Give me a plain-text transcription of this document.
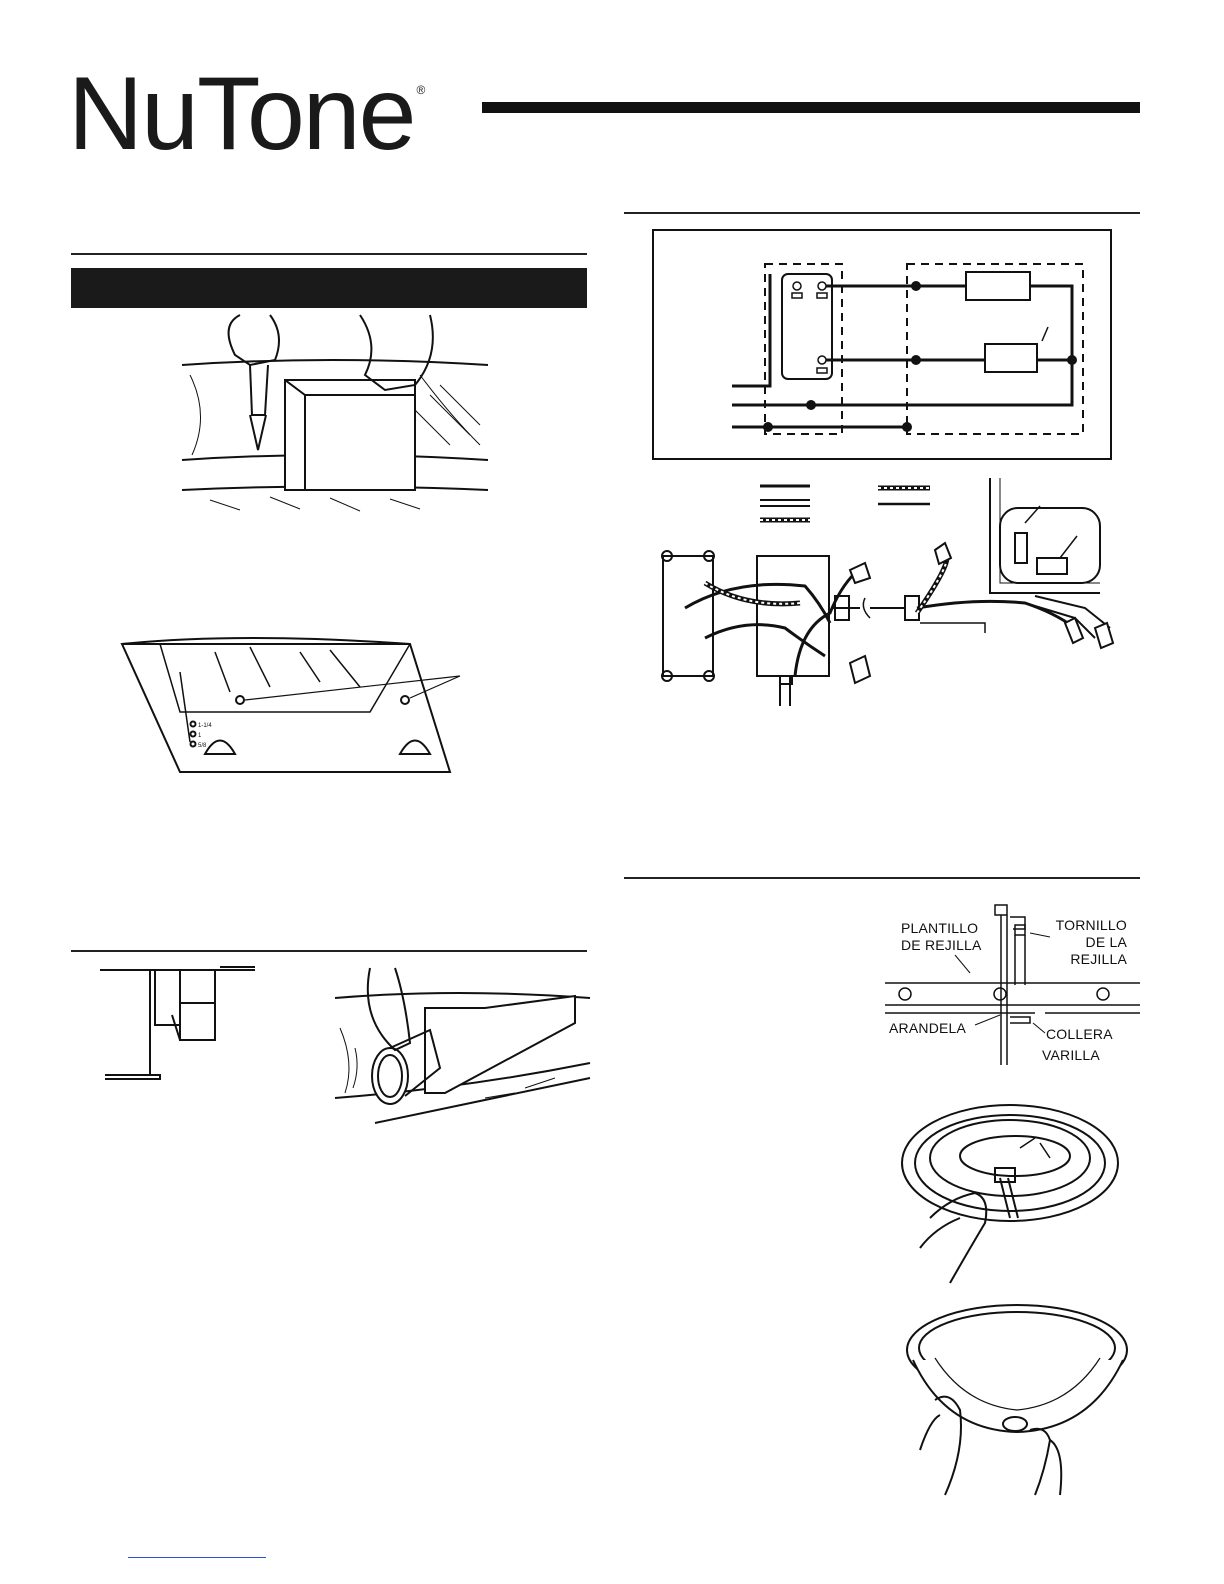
NuTone ®
1-1/4
1
5/8
PLANTILLO
DE REJILLA
TORNILLO
DE LA
REJILLA
ARANDELA	COLLERA
VARILLA
